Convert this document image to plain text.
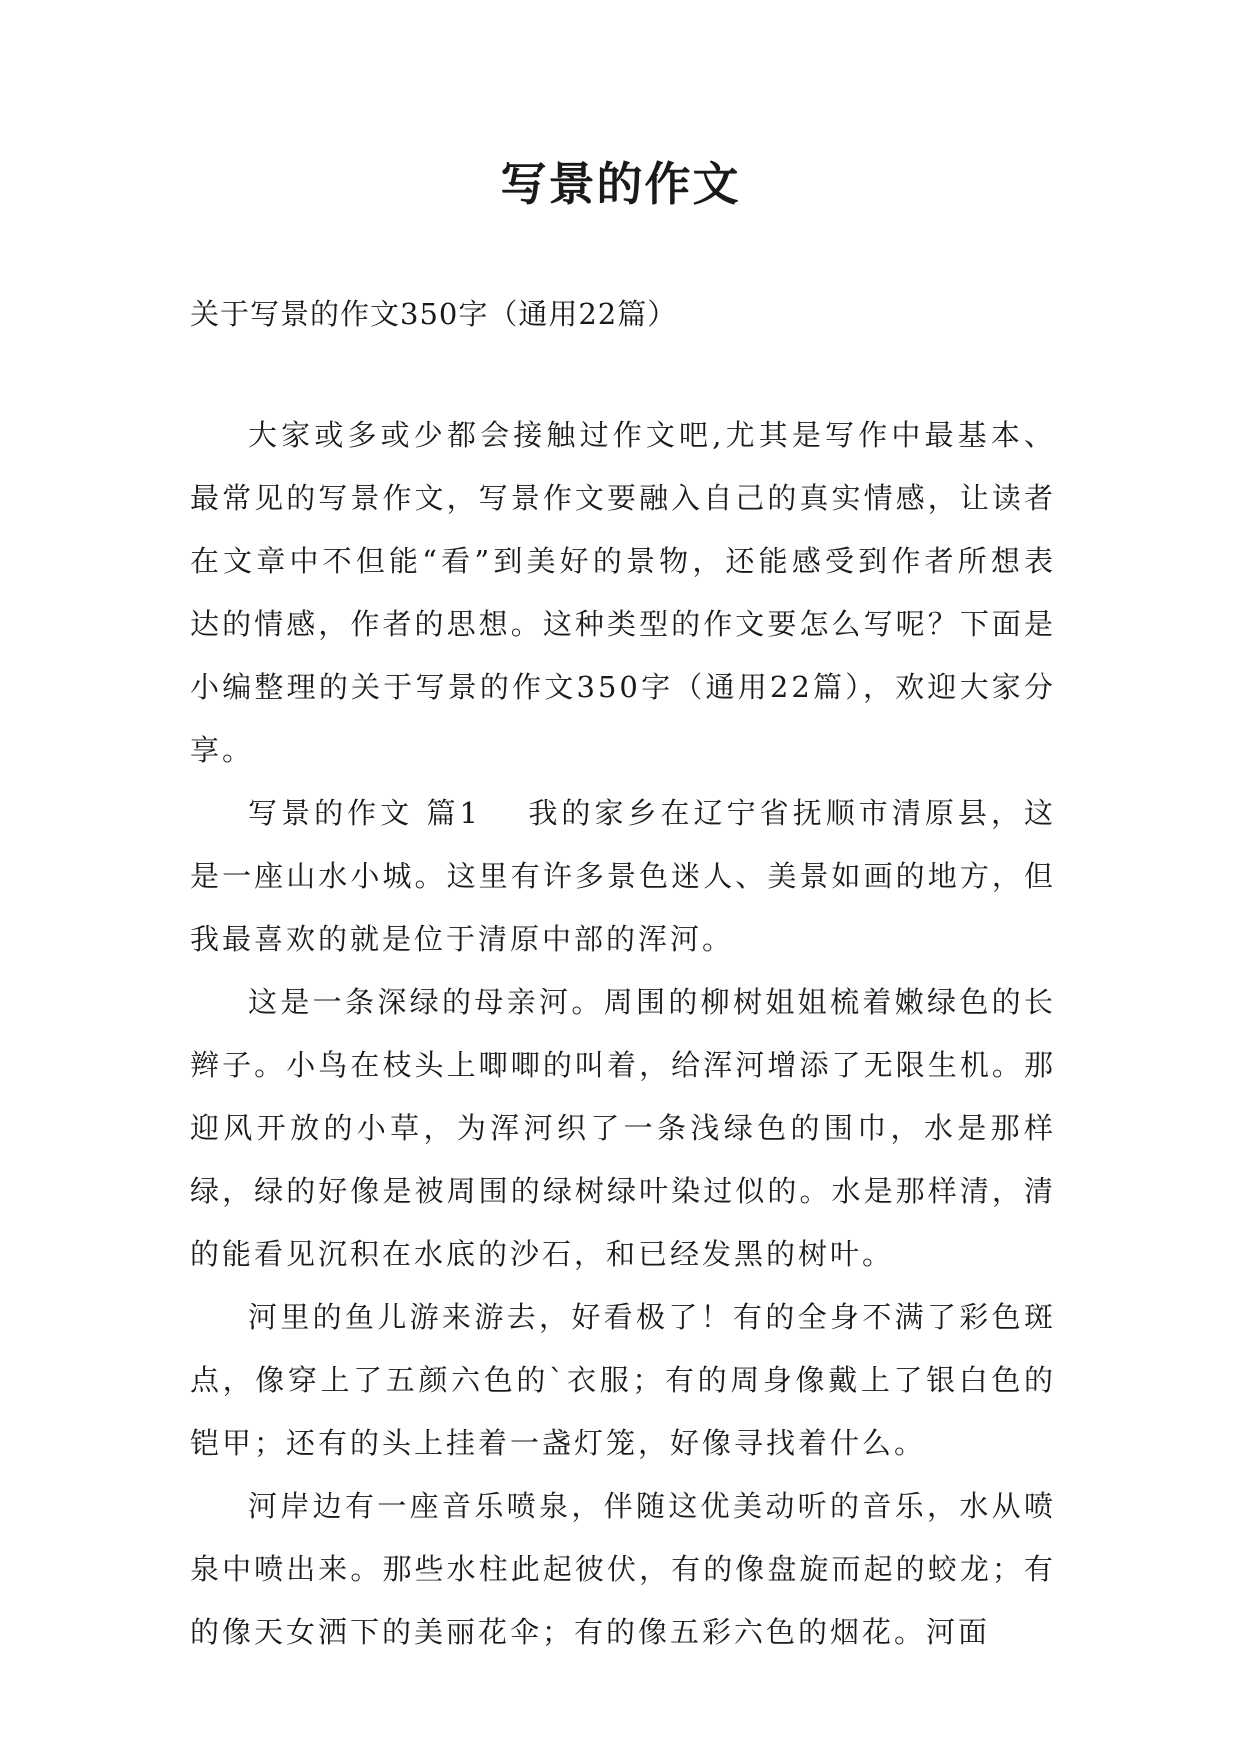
写景的作文
关于写景的作文350字（通用22篇）

大家或多或少都会接触过作文吧,尤其是写作中最基本、最常见的写景作文，写景作文要融入自己的真实情感，让读者在文章中不但能“看”到美好的景物，还能感受到作者所想表达的情感，作者的思想。这种类型的作文要怎么写呢？下面是小编整理的关于写景的作文350字（通用22篇），欢迎大家分享。

写景的作文 篇1 我的家乡在辽宁省抚顺市清原县，这是一座山水小城。这里有许多景色迷人、美景如画的地方，但我最喜欢的就是位于清原中部的浑河。

这是一条深绿的母亲河。周围的柳树姐姐梳着嫩绿色的长辫子。小鸟在枝头上唧唧的叫着，给浑河增添了无限生机。那迎风开放的小草，为浑河织了一条浅绿色的围巾，水是那样绿，绿的好像是被周围的绿树绿叶染过似的。水是那样清，清的能看见沉积在水底的沙石，和已经发黑的树叶。

河里的鱼儿游来游去，好看极了！有的全身不满了彩色斑点，像穿上了五颜六色的`衣服；有的周身像戴上了银白色的铠甲；还有的头上挂着一盏灯笼，好像寻找着什么。

河岸边有一座音乐喷泉，伴随这优美动听的音乐，水从喷泉中喷出来。那些水柱此起彼伏，有的像盘旋而起的蛟龙；有的像天女洒下的美丽花伞；有的像五彩六色的烟花。河面
